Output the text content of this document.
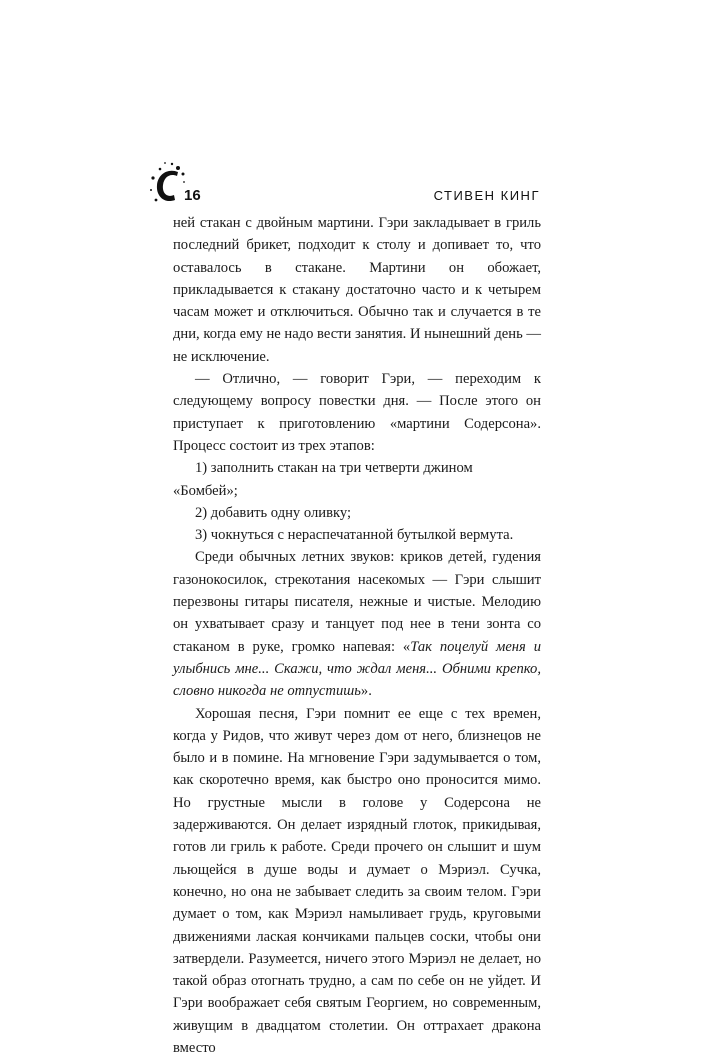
16	СТИВЕН КИНГ

ней стакан с двойным мартини. Гэри закладывает в гриль последний брикет, подходит к столу и допивает то, что оставалось в стакане. Мартини он обожает, прикладывается к стакану достаточно часто и к четырем часам может и отключиться. Обычно так и случается в те дни, когда ему не надо вести занятия. И нынешний день — не исключение.

— Отлично, — говорит Гэри, — переходим к следующему вопросу повестки дня. — После этого он приступает к приготовлению «мартини Содерсона». Процесс состоит из трех этапов:

1) заполнить стакан на три четверти джином «Бомбей»;

2) добавить одну оливку;

3) чокнуться с нераспечатанной бутылкой вермута.

Среди обычных летних звуков: криков детей, гудения газонокосилок, стрекотания насекомых — Гэри слышит перезвоны гитары писателя, нежные и чистые. Мелодию он ухватывает сразу и танцует под нее в тени зонта со стаканом в руке, громко напевая: «Так поцелуй меня и улыбнись мне... Скажи, что ждал меня... Обними крепко, словно никогда не отпустишь».

Хорошая песня, Гэри помнит ее еще с тех времен, когда у Ридов, что живут через дом от него, близнецов не было и в помине. На мгновение Гэри задумывается о том, как скоротечно время, как быстро оно проносится мимо. Но грустные мысли в голове у Содерсона не задерживаются. Он делает изрядный глоток, прикидывая, готов ли гриль к работе. Среди прочего он слышит и шум льющейся в душе воды и думает о Мэриэл. Сучка, конечно, но она не забывает следить за своим телом. Гэри думает о том, как Мэриэл намыливает грудь, круговыми движениями лаская кончиками пальцев соски, чтобы они затвердели. Разумеется, ничего этого Мэриэл не делает, но такой образ отогнать трудно, а сам по себе он не уйдет. И Гэри воображает себя святым Георгием, но современным, живущим в двадцатом столетии. Он оттрахает дракона вместо
